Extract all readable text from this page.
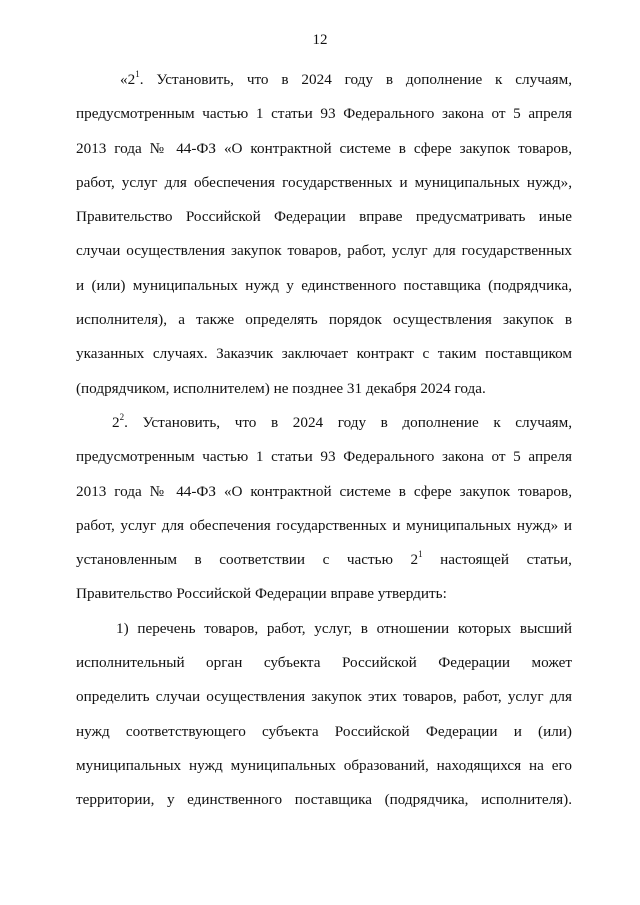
12

«$2^1$. Установить, что в 2024 году в дополнение к случаям,
предусмотренным частью 1 статьи 93 Федерального закона от 5 апреля
2013 года № 44-ФЗ «О контрактной системе в сфере закупок товаров,
работ, услуг для обеспечения государственных и муниципальных нужд»,
Правительство Российской Федерации вправе предусматривать иные
случаи осуществления закупок товаров, работ, услуг для государственных
и (или) муниципальных нужд у единственного поставщика (подрядчика,
исполнителя), а также определять порядок осуществления закупок в
указанных случаях. Заказчик заключает контракт с таким поставщиком
(подрядчиком, исполнителем) не позднее 31 декабря 2024 года.

$2^2$. Установить, что в 2024 году в дополнение к случаям,
предусмотренным частью 1 статьи 93 Федерального закона от 5 апреля
2013 года № 44-ФЗ «О контрактной системе в сфере закупок товаров,
работ, услуг для обеспечения государственных и муниципальных нужд» и
установленным в соответствии с частью $2^1$ настоящей статьи,
Правительство Российской Федерации вправе утвердить:

1) перечень товаров, работ, услуг, в отношении которых высший
исполнительный орган субъекта Российской Федерации может
определить случаи осуществления закупок этих товаров, работ, услуг для
нужд соответствующего субъекта Российской Федерации и (или)
муниципальных нужд муниципальных образований, находящихся на его
территории, у единственного поставщика (подрядчика, исполнителя).
